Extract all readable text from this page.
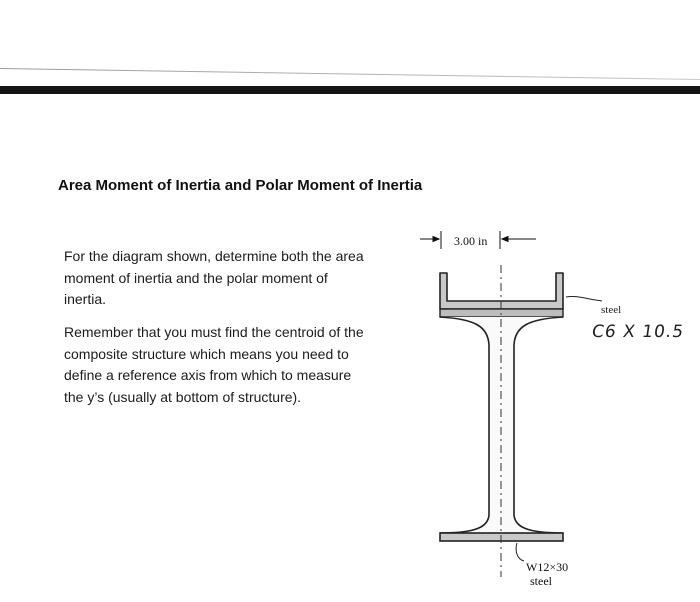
Area Moment of Inertia and Polar Moment of Inertia
For the diagram shown, determine both the area moment of inertia and the polar moment of inertia.
Remember that you must find the centroid of the composite structure which means you need to define a reference axis from which to measure the y’s (usually at bottom of structure).
3.00 in
steel
C6 X 10.5
W12×30
steel
